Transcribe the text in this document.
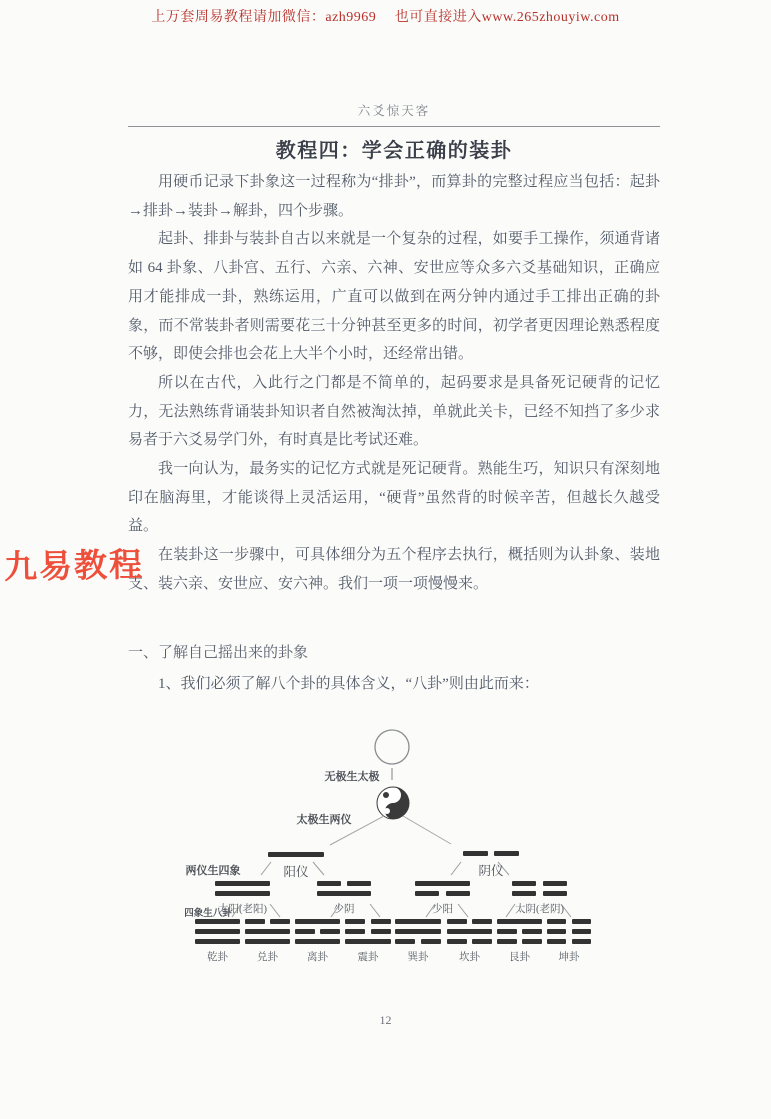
上万套周易教程请加微信：azh9969　 也可直接进入www.265zhouyiw.com
六爻惊天客
教程四：学会正确的装卦

用硬币记录下卦象这一过程称为“排卦”，而算卦的完整过程应当包括：起卦→排卦→装卦→解卦，四个步骤。

起卦、排卦与装卦自古以来就是一个复杂的过程，如要手工操作，须通背诸如 64 卦象、八卦宫、五行、六亲、六神、安世应等众多六爻基础知识，正确应用才能排成一卦，熟练运用，广直可以做到在两分钟内通过手工排出正确的卦象，而不常装卦者则需要花三十分钟甚至更多的时间，初学者更因理论熟悉程度不够，即使会排也会花上大半个小时，还经常出错。

所以在古代，入此行之门都是不简单的，起码要求是具备死记硬背的记忆力，无法熟练背诵装卦知识者自然被淘汰掉，单就此关卡，已经不知挡了多少求易者于六爻易学门外，有时真是比考试还难。

我一向认为，最务实的记忆方式就是死记硬背。熟能生巧，知识只有深刻地印在脑海里，才能谈得上灵活运用，“硬背”虽然背的时候辛苦，但越长久越受益。

在装卦这一步骤中，可具体细分为五个程序去执行，概括则为认卦象、装地支、装六亲、安世应、安六神。我们一项一项慢慢来。

一、了解自己摇出来的卦象

1、我们必须了解八个卦的具体含义，“八卦”则由此而来：

无极生太极
太极生两仪
两仪生四象
四象生八卦
阳仪	阴仪
太阳(老阳)	少阴	少阳	太阴(老阴)
乾卦	兑卦	离卦	震卦	巽卦	坎卦	艮卦	坤卦
九易教程
12
